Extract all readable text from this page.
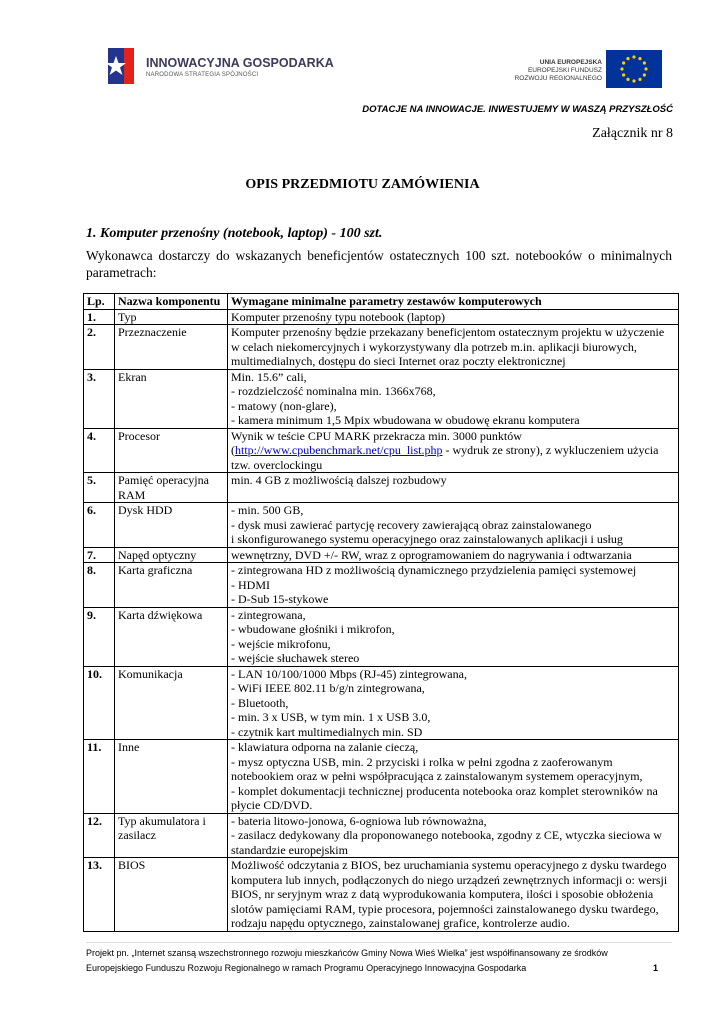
INNOWACYJNA GOSPODARKA
NARODOWA STRATEGIA SPÓJNOŚCI
UNIA EUROPEJSKA
EUROPEJSKI FUNDUSZ
ROZWOJU REGIONALNEGO
DOTACJE NA INNOWACJE. INWESTUJEMY W WASZĄ PRZYSZŁOŚĆ
Załącznik nr 8
OPIS PRZEDMIOTU ZAMÓWIENIA
1. Komputer przenośny (notebook, laptop) - 100 szt.
Wykonawca dostarczy do wskazanych beneficjentów ostatecznych 100 szt. notebooków o minimalnych parametrach:
Lp.	Nazwa komponentu	Wymagane minimalne parametry zestawów komputerowych
1.	Typ	Komputer przenośny typu notebook (laptop)

2.	Przeznaczenie	Komputer przenośny będzie przekazany beneficjentom ostatecznym projektu w użyczenie w celach niekomercyjnych i wykorzystywany dla potrzeb m.in. aplikacji biurowych, multimedialnych, dostępu do sieci Internet oraz poczty elektronicznej

3.	Ekran	Min. 15.6” cali,
- rozdzielczość nominalna min. 1366x768,
- matowy (non-glare),
- kamera minimum 1,5 Mpix wbudowana w obudowę ekranu komputera

4.	Procesor	Wynik w teście CPU MARK przekracza min. 3000 punktów (http://www.cpubenchmark.net/cpu_list.php - wydruk ze strony), z wykluczeniem użycia tzw. overclockingu
5.	Pamięć operacyjna RAM	min. 4 GB z możliwością dalszej rozbudowy

6.	Dysk HDD	- min. 500 GB,
- dysk musi zawierać partycję recovery zawierającą obraz zainstalowanego
i skonfigurowanego systemu operacyjnego oraz zainstalowanych aplikacji i usług

7.	Napęd optyczny	wewnętrzny, DVD +/- RW, wraz z oprogramowaniem do nagrywania i odtwarzania

8.	Karta graficzna	- zintegrowana HD z możliwością dynamicznego przydzielenia pamięci systemowej
- HDMI
- D-Sub 15-stykowe

9.	Karta dźwiękowa	- zintegrowana,
- wbudowane głośniki i mikrofon,
- wejście mikrofonu,
- wejście słuchawek stereo

10.	Komunikacja	- LAN 10/100/1000 Mbps (RJ-45) zintegrowana,
- WiFi IEEE 802.11 b/g/n zintegrowana,
- Bluetooth,
- min. 3 x USB, w tym min. 1 x USB 3.0,
- czytnik kart multimedialnych min. SD

11.	Inne	- klawiatura odporna na zalanie cieczą,
- mysz optyczna USB, min. 2 przyciski i rolka w pełni zgodna z zaoferowanym notebookiem oraz w pełni współpracująca z zainstalowanym systemem operacyjnym,
- komplet dokumentacji technicznej producenta notebooka oraz komplet sterowników na płycie CD/DVD.

12.	Typ akumulatora i zasilacz	- bateria litowo-jonowa, 6-ogniowa lub równoważna,
- zasilacz dedykowany dla proponowanego notebooka, zgodny z CE, wtyczka sieciowa w standardzie europejskim

13.	BIOS	Możliwość odczytania z BIOS, bez uruchamiania systemu operacyjnego z dysku twardego komputera lub innych, podłączonych do niego urządzeń zewnętrznych informacji o: wersji BIOS, nr seryjnym wraz z datą wyprodukowania komputera, ilości i sposobie obłożenia slotów pamięciami RAM, typie procesora, pojemności zainstalowanego dysku twardego, rodzaju napędu optycznego, zainstalowanej grafice, kontrolerze audio.
Projekt pn. „Internet szansą wszechstronnego rozwoju mieszkańców Gminy Nowa Wieś Wielka” jest współfinansowany ze środków
Europejskiego Funduszu Rozwoju Regionalnego w ramach Programu Operacyjnego Innowacyjna Gospodarka	1
